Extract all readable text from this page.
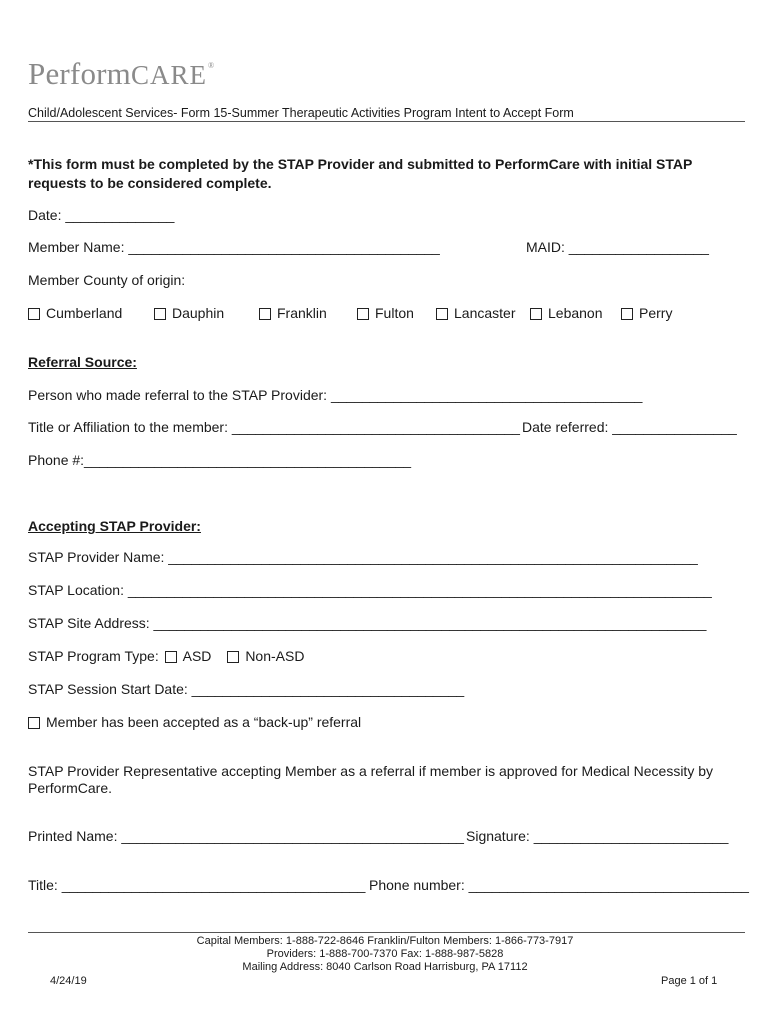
PerformCARE®
Child/Adolescent Services- Form 15-Summer Therapeutic Activities Program Intent to Accept Form
*This form must be completed by the STAP Provider and submitted to PerformCare with initial STAP requests to be considered complete.
Date: ______________
Member Name: ________________________________________	MAID: __________________
Member County of origin:
Cumberland	Dauphin	Franklin	Fulton	Lancaster	Lebanon	Perry
Referral Source:
Person who made referral to the STAP Provider: ________________________________________
Title or Affiliation to the member: _____________________________________ Date referred: ________________
Phone #:__________________________________________
Accepting STAP Provider:
STAP Provider Name: ____________________________________________________________________
STAP Location: ___________________________________________________________________________
STAP Site Address: _______________________________________________________________________
STAP Program Type: ASD Non-ASD
STAP Session Start Date: ___________________________________
Member has been accepted as a “back-up” referral
STAP Provider Representative accepting Member as a referral if member is approved for Medical Necessity by PerformCare.
Printed Name: ____________________________________________ Signature: _________________________
Title: _______________________________________ Phone number: ____________________________________
Capital Members: 1-888-722-8646 Franklin/Fulton Members: 1-866-773-7917
Providers: 1-888-700-7370 Fax: 1-888-987-5828
Mailing Address: 8040 Carlson Road Harrisburg, PA 17112
4/24/19	Page 1 of 1
